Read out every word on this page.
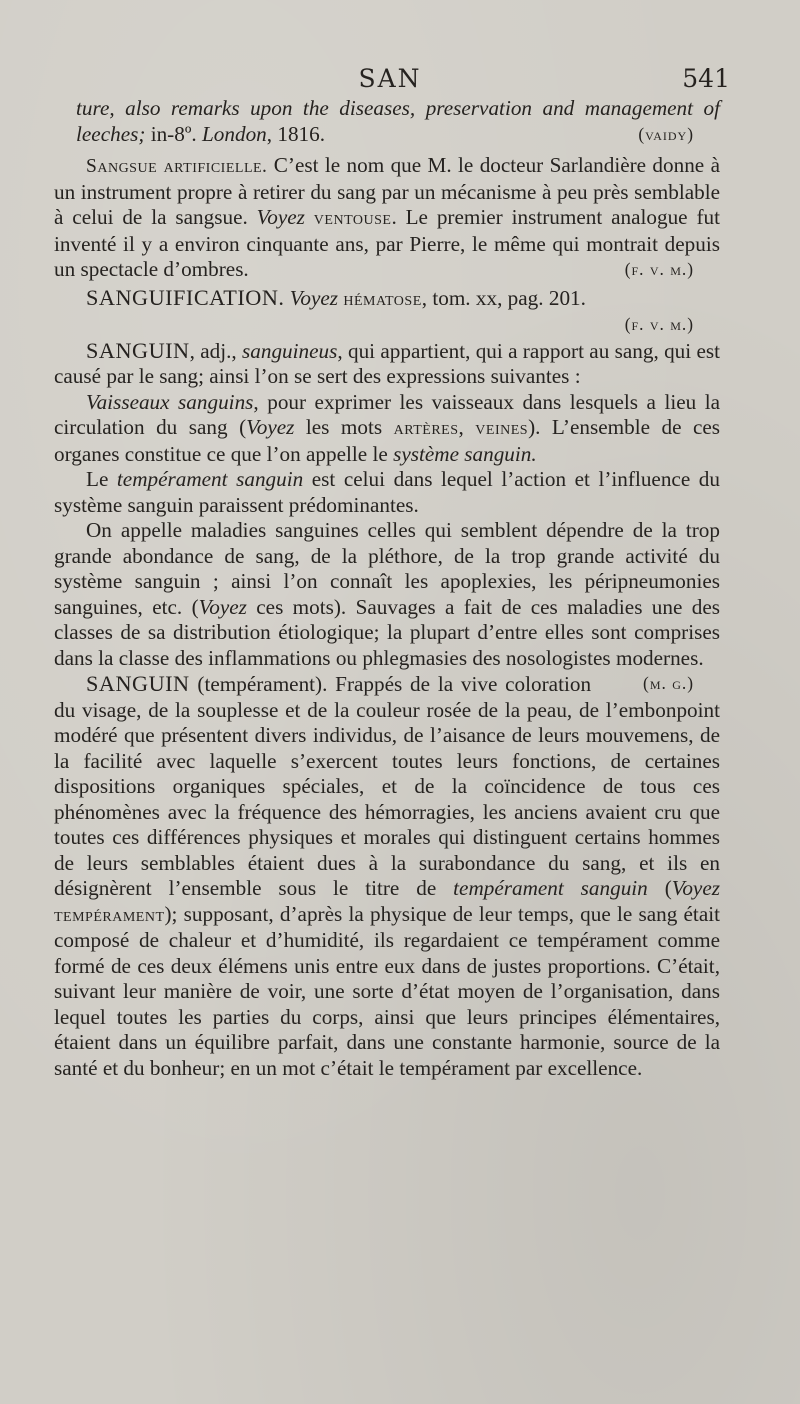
SAN	541

ture, also remarks upon the diseases, preservation and management of leeches; in-8º. London, 1816.	(vaidy)

Sangsue artificielle. C’est le nom que M. le docteur Sarlandière donne à un instrument propre à retirer du sang par un mécanisme à peu près semblable à celui de la sangsue. Voyez ventouse. Le premier instrument analogue fut inventé il y a environ cinquante ans, par Pierre, le même qui montrait depuis un spectacle d’ombres.	(f. v. m.)

SANGUIFICATION. Voyez hématose, tom. xx, pag. 201.

(f. v. m.)

SANGUIN, adj., sanguineus, qui appartient, qui a rapport au sang, qui est causé par le sang; ainsi l’on se sert des expressions suivantes :

Vaisseaux sanguins, pour exprimer les vaisseaux dans lesquels a lieu la circulation du sang (Voyez les mots artères, veines). L’ensemble de ces organes constitue ce que l’on appelle le système sanguin.

Le tempérament sanguin est celui dans lequel l’action et l’influence du système sanguin paraissent prédominantes.

On appelle maladies sanguines celles qui semblent dépendre de la trop grande abondance de sang, de la pléthore, de la trop grande activité du système sanguin ; ainsi l’on connaît les apoplexies, les péripneumonies sanguines, etc. (Voyez ces mots). Sauvages a fait de ces maladies une des classes de sa distribution étiologique; la plupart d’entre elles sont comprises dans la classe des inflammations ou phlegmasies des nosologistes modernes.
(m. g.)

SANGUIN (tempérament). Frappés de la vive coloration du visage, de la souplesse et de la couleur rosée de la peau, de l’embonpoint modéré que présentent divers individus, de l’aisance de leurs mouvemens, de la facilité avec laquelle s’exercent toutes leurs fonctions, de certaines dispositions organiques spéciales, et de la coïncidence de tous ces phénomènes avec la fréquence des hémorragies, les anciens avaient cru que toutes ces différences physiques et morales qui distinguent certains hommes de leurs semblables étaient dues à la surabondance du sang, et ils en désignèrent l’ensemble sous le titre de tempérament sanguin (Voyez tempérament); supposant, d’après la physique de leur temps, que le sang était composé de chaleur et d’humidité, ils regardaient ce tempérament comme formé de ces deux élémens unis entre eux dans de justes proportions. C’était, suivant leur manière de voir, une sorte d’état moyen de l’organisation, dans lequel toutes les parties du corps, ainsi que leurs principes élémentaires, étaient dans un équilibre parfait, dans une constante harmonie, source de la santé et du bonheur; en un mot c’était le tempérament par excellence.
